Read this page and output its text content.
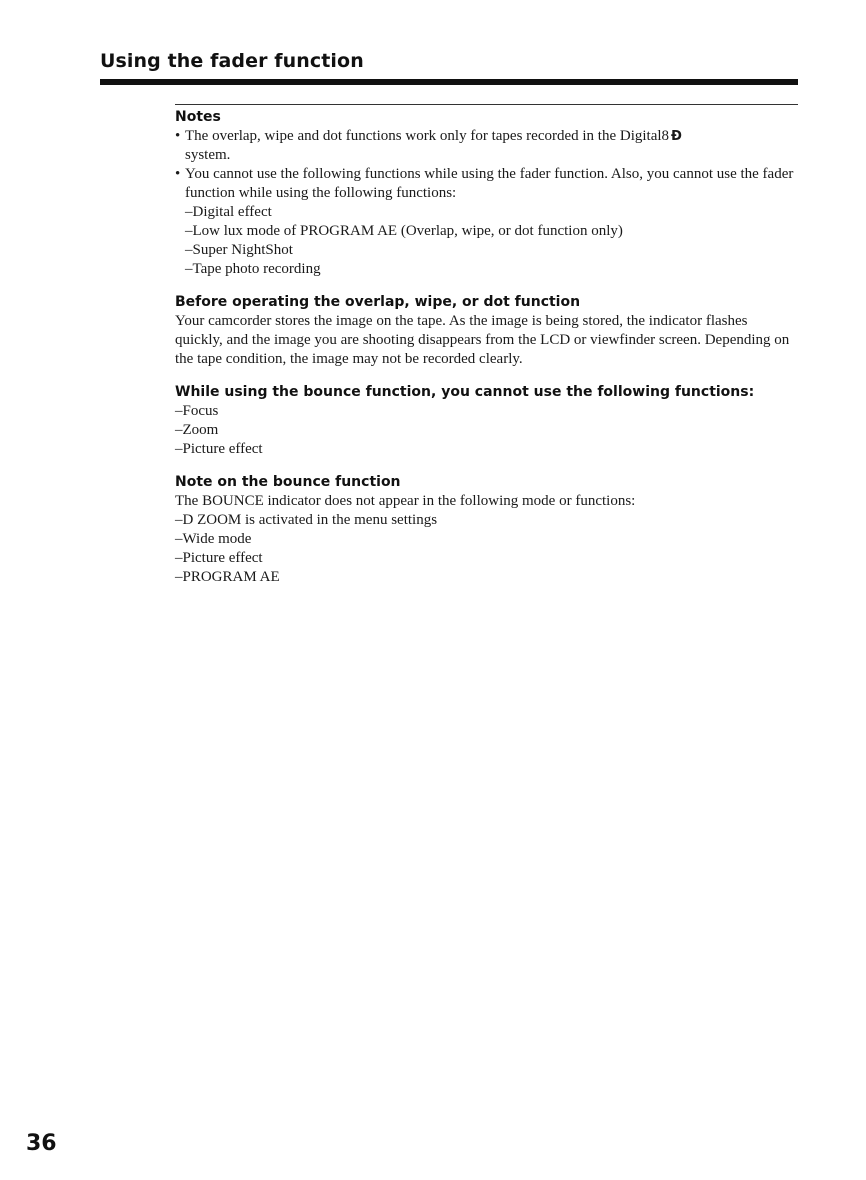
Using the fader function
Notes
• The overlap, wipe and dot functions work only for tapes recorded in the Digital8 Ð
system.
• You cannot use the following functions while using the fader function. Also, you cannot use the fader function while using the following functions:
–Digital effect
–Low lux mode of PROGRAM AE (Overlap, wipe, or dot function only)
–Super NightShot
–Tape photo recording
Before operating the overlap, wipe, or dot function

Your camcorder stores the image on the tape. As the image is being stored, the indicator flashes quickly, and the image you are shooting disappears from the LCD or viewfinder screen. Depending on the tape condition, the image may not be recorded clearly.

While using the bounce function, you cannot use the following functions:
–Focus
–Zoom
–Picture effect
Note on the bounce function

The BOUNCE indicator does not appear in the following mode or functions:

–D ZOOM is activated in the menu settings
–Wide mode
–Picture effect
–PROGRAM AE
36
